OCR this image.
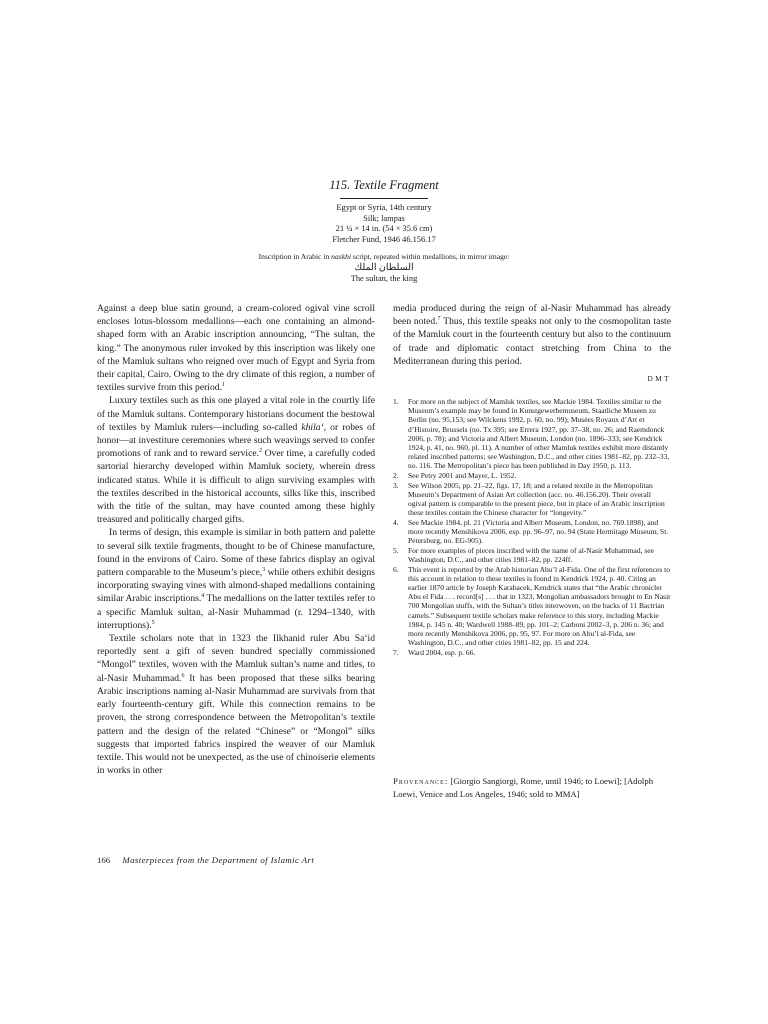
115. Textile Fragment

Egypt or Syria, 14th century

Silk; lampas

21 ¼ × 14 in. (54 × 35.6 cm)

Fletcher Fund, 1946 46.156.17

Inscription in Arabic in naskhi script, repeated within medallions, in mirror image:
السلطان الملك
The sultan, the king

Against a deep blue satin ground, a cream-colored ogival vine scroll encloses lotus-blossom medallions—each one containing an almond-shaped form with an Arabic inscription announcing, “The sultan, the king.” The anonymous ruler invoked by this inscription was likely one of the Mamluk sultans who reigned over much of Egypt and Syria from their capital, Cairo. Owing to the dry climate of this region, a number of textiles survive from this period.$^1$

Luxury textiles such as this one played a vital role in the courtly life of the Mamluk sultans. Contemporary historians document the bestowal of textiles by Mamluk rulers—including so-called khila‘, or robes of honor—at investiture ceremonies where such weavings served to confer promotions of rank and to reward service.$^2$ Over time, a carefully coded sartorial hierarchy developed within Mamluk society, wherein dress indicated status. While it is difficult to align surviving examples with the textiles described in the historical accounts, silks like this, inscribed with the title of the sultan, may have counted among these highly treasured and politically charged gifts.

In terms of design, this example is similar in both pattern and palette to several silk textile fragments, thought to be of Chinese manufacture, found in the environs of Cairo. Some of these fabrics display an ogival pattern comparable to the Museum’s piece,$^3$ while others exhibit designs incorporating swaying vines with almond-shaped medallions containing similar Arabic inscriptions.$^4$ The medallions on the latter textiles refer to a specific Mamluk sultan, al-Nasir Muhammad (r. 1294–1340, with interruptions).$^5$

Textile scholars note that in 1323 the Ilkhanid ruler Abu Sa‘id reportedly sent a gift of seven hundred specially commissioned “Mongol” textiles, woven with the Mamluk sultan’s name and titles, to al-Nasir Muhammad.$^6$ It has been proposed that these silks bearing Arabic inscriptions naming al-Nasir Muhammad are survivals from that early fourteenth-century gift. While this connection remains to be proven, the strong correspondence between the Metropolitan’s textile pattern and the design of the related “Chinese” or “Mongol” silks suggests that imported fabrics inspired the weaver of our Mamluk textile. This would not be unexpected, as the use of chinoiserie elements in works in other

media produced during the reign of al-Nasir Muhammad has already been noted.$^7$ Thus, this textile speaks not only to the cosmopolitan taste of the Mamluk court in the fourteenth century but also to the continuum of trade and diplomatic contact stretching from China to the Mediterranean during this period.

DMT
1.	For more on the subject of Mamluk textiles, see Mackie 1984. Textiles similar to the Museum’s example may be found in Kunstgewerbemuseum, Staatliche Museen zu Berlin (no. 95,153; see Wilckens 1992, p. 60, no. 99); Musées Royaux d’Art et d’Histoire, Brussels (no. Tx 395; see Errera 1927, pp. 37–38, no. 26; and Raemdonck 2006, p. 78); and Victoria and Albert Museum, London (no. 1896–333; see Kendrick 1924, p. 41, no. 960, pl. 11). A number of other Mamluk textiles exhibit more distantly related inscribed patterns; see Washington, D.C., and other cities 1981–82, pp. 232–33, no. 116. The Metropolitan’s piece has been published in Day 1950, p. 113.
2.	See Petry 2001 and Mayer, L. 1952.
3.	See Wilson 2005, pp. 21–22, figs. 17, 18; and a related textile in the Metropolitan Museum’s Department of Asian Art collection (acc. no. 46.156.20). Their overall ogival pattern is comparable to the present piece, but in place of an Arabic inscription these textiles contain the Chinese character for “longevity.”
4.	See Mackie 1984, pl. 21 (Victoria and Albert Museum, London, no. 769.1898), and more recently Menshikova 2006, esp. pp. 96–97, no. 94 (State Hermitage Museum, St. Petersburg, no. EG-905).
5.	For more examples of pieces inscribed with the name of al-Nasir Muhammad, see Washington, D.C., and other cities 1981–82, pp. 224ff.
6.	This event is reported by the Arab historian Abu’l al-Fida. One of the first references to this account in relation to these textiles is found in Kendrick 1924, p. 40. Citing an earlier 1870 article by Joseph Karabacek, Kendrick states that “the Arabic chronicler Abu el Fida . . . record[s] . . . that in 1323, Mongolian ambassadors brought to En Nasir 700 Mongolian stuffs, with the Sultan’s titles interwoven, on the backs of 11 Bactrian camels.” Subsequent textile scholars make reference to this story, including Mackie 1984, p. 145 n. 40; Wardwell 1988–89, pp. 101–2; Carboni 2002–3, p. 206 n. 36; and more recently Menshikova 2006, pp. 95, 97. For more on Abu’l al-Fida, see Washington, D.C., and other cities 1981–82, pp. 15 and 224.
7.	Ward 2004, esp. p. 66.
Provenance: [Giorgio Sangiorgi, Rome, until 1946; to Loewi]; [Adolph Loewi, Venice and Los Angeles, 1946; sold to MMA]
166 Masterpieces from the Department of Islamic Art
